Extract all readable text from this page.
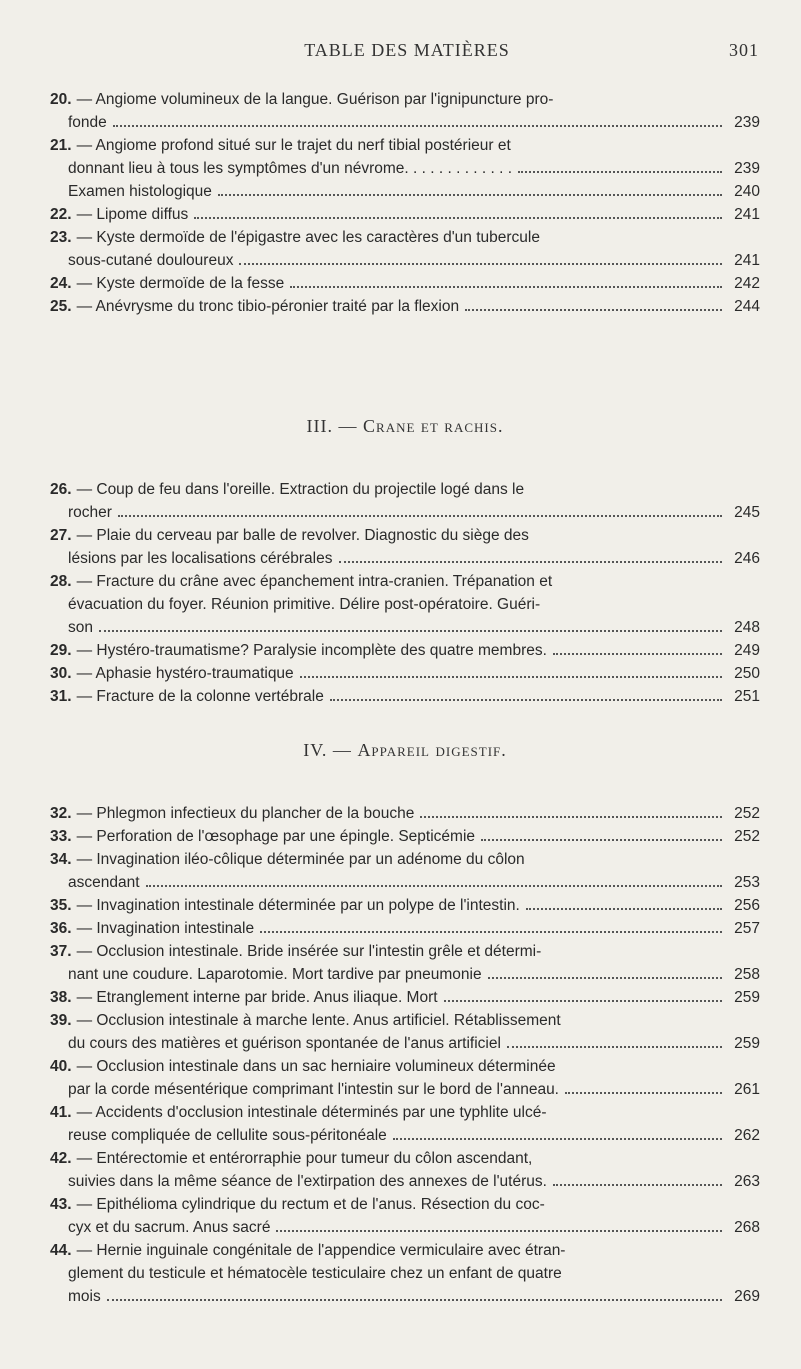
TABLE DES MATIÈRES	301
20. — Angiome volumineux de la langue. Guérison par l'ignipuncture pro-
fonde	239
21. — Angiome profond situé sur le trajet du nerf tibial postérieur et
donnant lieu à tous les symptômes d'un névrome. . . . . . . . . . . . .	239
Examen histologique	240
22. — Lipome diffus	241
23. — Kyste dermoïde de l'épigastre avec les caractères d'un tubercule
sous-cutané douloureux	241
24. — Kyste dermoïde de la fesse	242
25. — Anévrysme du tronc tibio-péronier traité par la flexion	244
III. — Crane et rachis.
26. — Coup de feu dans l'oreille. Extraction du projectile logé dans le
rocher	245
27. — Plaie du cerveau par balle de revolver. Diagnostic du siège des
lésions par les localisations cérébrales	246
28. — Fracture du crâne avec épanchement intra-cranien. Trépanation et
évacuation du foyer. Réunion primitive. Délire post-opératoire. Guéri-
son	248
29. — Hystéro-traumatisme? Paralysie incomplète des quatre membres.	249
30. — Aphasie hystéro-traumatique	250
31. — Fracture de la colonne vertébrale	251
IV. — Appareil digestif.
32. — Phlegmon infectieux du plancher de la bouche	252
33. — Perforation de l'œsophage par une épingle. Septicémie	252
34. — Invagination iléo-côlique déterminée par un adénome du côlon
ascendant	253
35. — Invagination intestinale déterminée par un polype de l'intestin.	256
36. — Invagination intestinale	257
37. — Occlusion intestinale. Bride insérée sur l'intestin grêle et détermi-
nant une coudure. Laparotomie. Mort tardive par pneumonie	258
38. — Etranglement interne par bride. Anus iliaque. Mort	259
39. — Occlusion intestinale à marche lente. Anus artificiel. Rétablissement
du cours des matières et guérison spontanée de l'anus artificiel	259
40. — Occlusion intestinale dans un sac herniaire volumineux déterminée
par la corde mésentérique comprimant l'intestin sur le bord de l'anneau.	261
41. — Accidents d'occlusion intestinale déterminés par une typhlite ulcé-
reuse compliquée de cellulite sous-péritonéale	262
42. — Entérectomie et entérorraphie pour tumeur du côlon ascendant,
suivies dans la même séance de l'extirpation des annexes de l'utérus.	263
43. — Epithélioma cylindrique du rectum et de l'anus. Résection du coc-
cyx et du sacrum. Anus sacré	268
44. — Hernie inguinale congénitale de l'appendice vermiculaire avec étran-
glement du testicule et hématocèle testiculaire chez un enfant de quatre
mois	269
